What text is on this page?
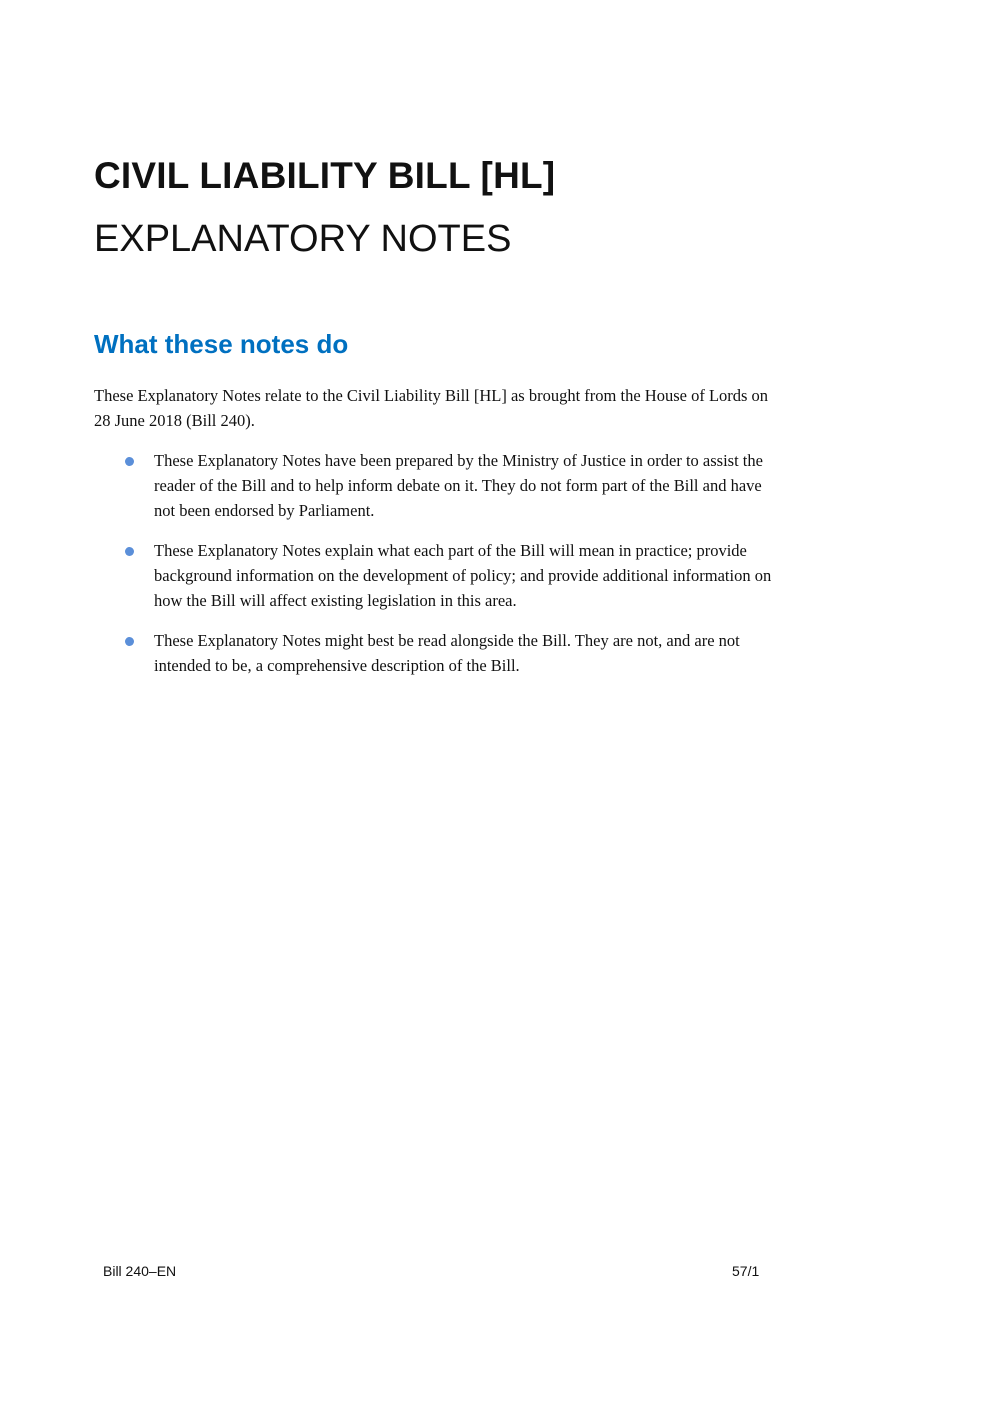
CIVIL LIABILITY BILL [HL]
EXPLANATORY NOTES
What these notes do
These Explanatory Notes relate to the Civil Liability Bill [HL] as brought from the House of Lords on
28 June 2018 (Bill 240).
These Explanatory Notes have been prepared by the Ministry of Justice in order to assist the
reader of the Bill and to help inform debate on it. They do not form part of the Bill and have
not been endorsed by Parliament.
These Explanatory Notes explain what each part of the Bill will mean in practice; provide
background information on the development of policy; and provide additional information on
how the Bill will affect existing legislation in this area.
These Explanatory Notes might best be read alongside the Bill. They are not, and are not
intended to be, a comprehensive description of the Bill.
Bill 240–EN	57/1
